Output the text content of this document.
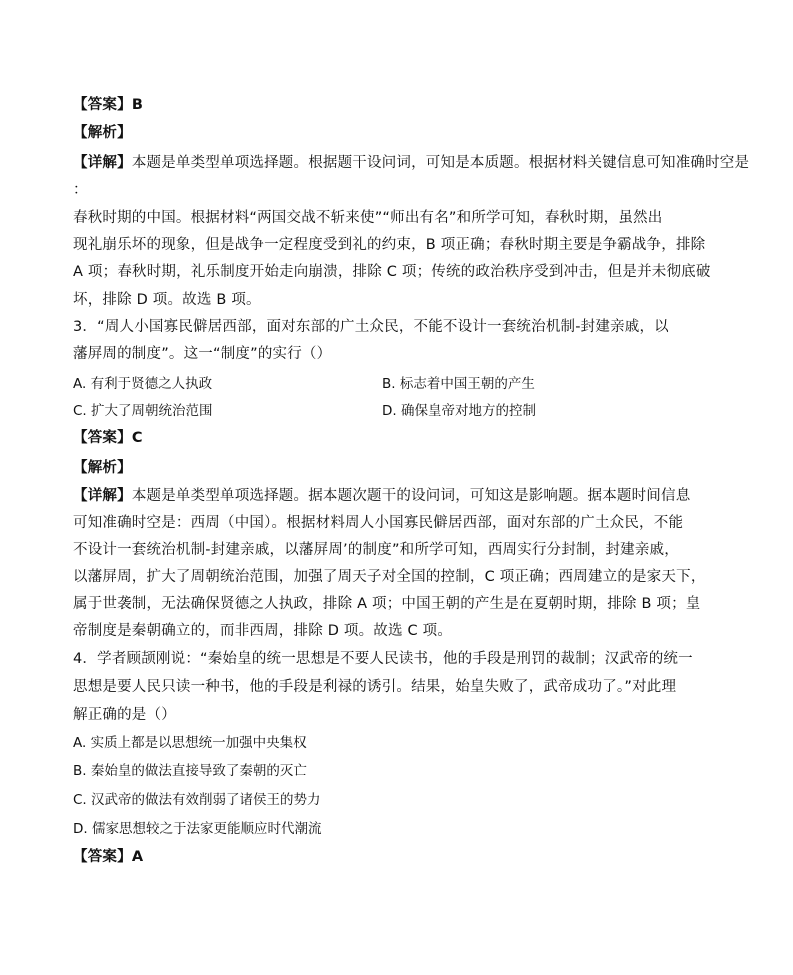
【答案】B
【解析】
【详解】本题是单类型单项选择题。根据题干设问词，可知是本质题。根据材料关键信息可知准确时空是
：
春秋时期的中国。根据材料“两国交战不斩来使”“师出有名”和所学可知，春秋时期，虽然出
现礼崩乐坏的现象，但是战争一定程度受到礼的约束，B 项正确；春秋时期主要是争霸战争，排除
A 项；春秋时期，礼乐制度开始走向崩溃，排除 C 项；传统的政治秩序受到冲击，但是并未彻底破
坏，排除 D 项。故选 B 项。
3．“周人小国寡民僻居西部，面对东部的广土众民，不能不设计一套统治机制-封建亲戚，以
藩屏周的制度”。这一“制度”的实行（）
A. 有利于贤德之人执政	B. 标志着中国王朝的产生
C. 扩大了周朝统治范围	D. 确保皇帝对地方的控制
【答案】C
【解析】
【详解】本题是单类型单项选择题。据本题次题干的设问词，可知这是影响题。据本题时间信息
可知准确时空是：西周（中国）。根据材料周人小国寡民僻居西部，面对东部的广土众民，不能
不设计一套统治机制-封建亲戚，以藩屏周’的制度”和所学可知，西周实行分封制，封建亲戚，
以藩屏周，扩大了周朝统治范围，加强了周天子对全国的控制，C 项正确；西周建立的是家天下，
属于世袭制，无法确保贤德之人执政，排除 A 项；中国王朝的产生是在夏朝时期，排除 B 项；皇
帝制度是秦朝确立的，而非西周，排除 D 项。故选 C 项。
4．学者顾颉刚说：“秦始皇的统一思想是不要人民读书，他的手段是刑罚的裁制；汉武帝的统一
思想是要人民只读一种书，他的手段是利禄的诱引。结果，始皇失败了，武帝成功了。”对此理
解正确的是（）
A. 实质上都是以思想统一加强中央集权
B. 秦始皇的做法直接导致了秦朝的灭亡
C. 汉武帝的做法有效削弱了诸侯王的势力
D. 儒家思想较之于法家更能顺应时代潮流
【答案】A
